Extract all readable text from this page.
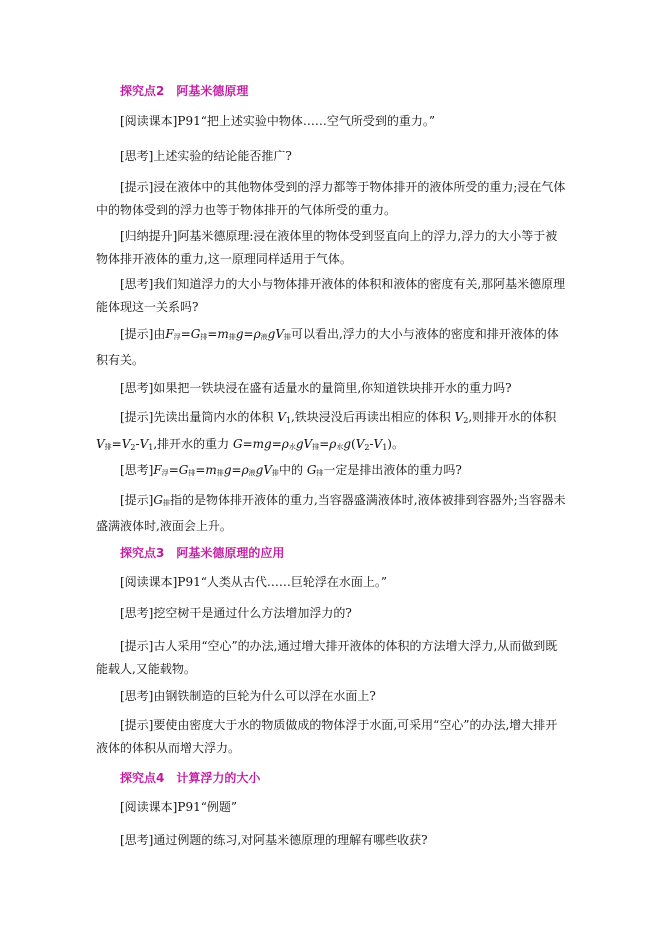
探究点2 阿基米德原理

[阅读课本]P91“把上述实验中物体……空气所受到的重力。”

[思考]上述实验的结论能否推广?

[提示]浸在液体中的其他物体受到的浮力都等于物体排开的液体所受的重力;浸在气体中的物体受到的浮力也等于物体排开的气体所受的重力。

[归纳提升]阿基米德原理:浸在液体里的物体受到竖直向上的浮力,浮力的大小等于被物体排开液体的重力,这一原理同样适用于气体。

[思考]我们知道浮力的大小与物体排开液体的体积和液体的密度有关,那阿基米德原理能体现这一关系吗?

[提示]由F浮=G排=m排g=ρ液gV排可以看出,浮力的大小与液体的密度和排开液体的体积有关。

[思考]如果把一铁块浸在盛有适量水的量筒里,你知道铁块排开水的重力吗?

[提示]先读出量筒内水的体积 V1,铁块浸没后再读出相应的体积 V2,则排开水的体积 V排=V2-V1,排开水的重力 G=mg=ρ水gV排=ρ水g(V2-V1)。

[思考]F浮=G排=m排g=ρ液gV排中的 G排一定是排出液体的重力吗?

[提示]G排指的是物体排开液体的重力,当容器盛满液体时,液体被排到容器外;当容器未盛满液体时,液面会上升。

探究点3 阿基米德原理的应用

[阅读课本]P91“人类从古代……巨轮浮在水面上。”

[思考]挖空树干是通过什么方法增加浮力的?

[提示]古人采用“空心”的办法,通过增大排开液体的体积的方法增大浮力,从而做到既能载人,又能载物。

[思考]由钢铁制造的巨轮为什么可以浮在水面上?

[提示]要使由密度大于水的物质做成的物体浮于水面,可采用“空心”的办法,增大排开液体的体积从而增大浮力。

探究点4 计算浮力的大小

[阅读课本]P91“例题”

[思考]通过例题的练习,对阿基米德原理的理解有哪些收获?
